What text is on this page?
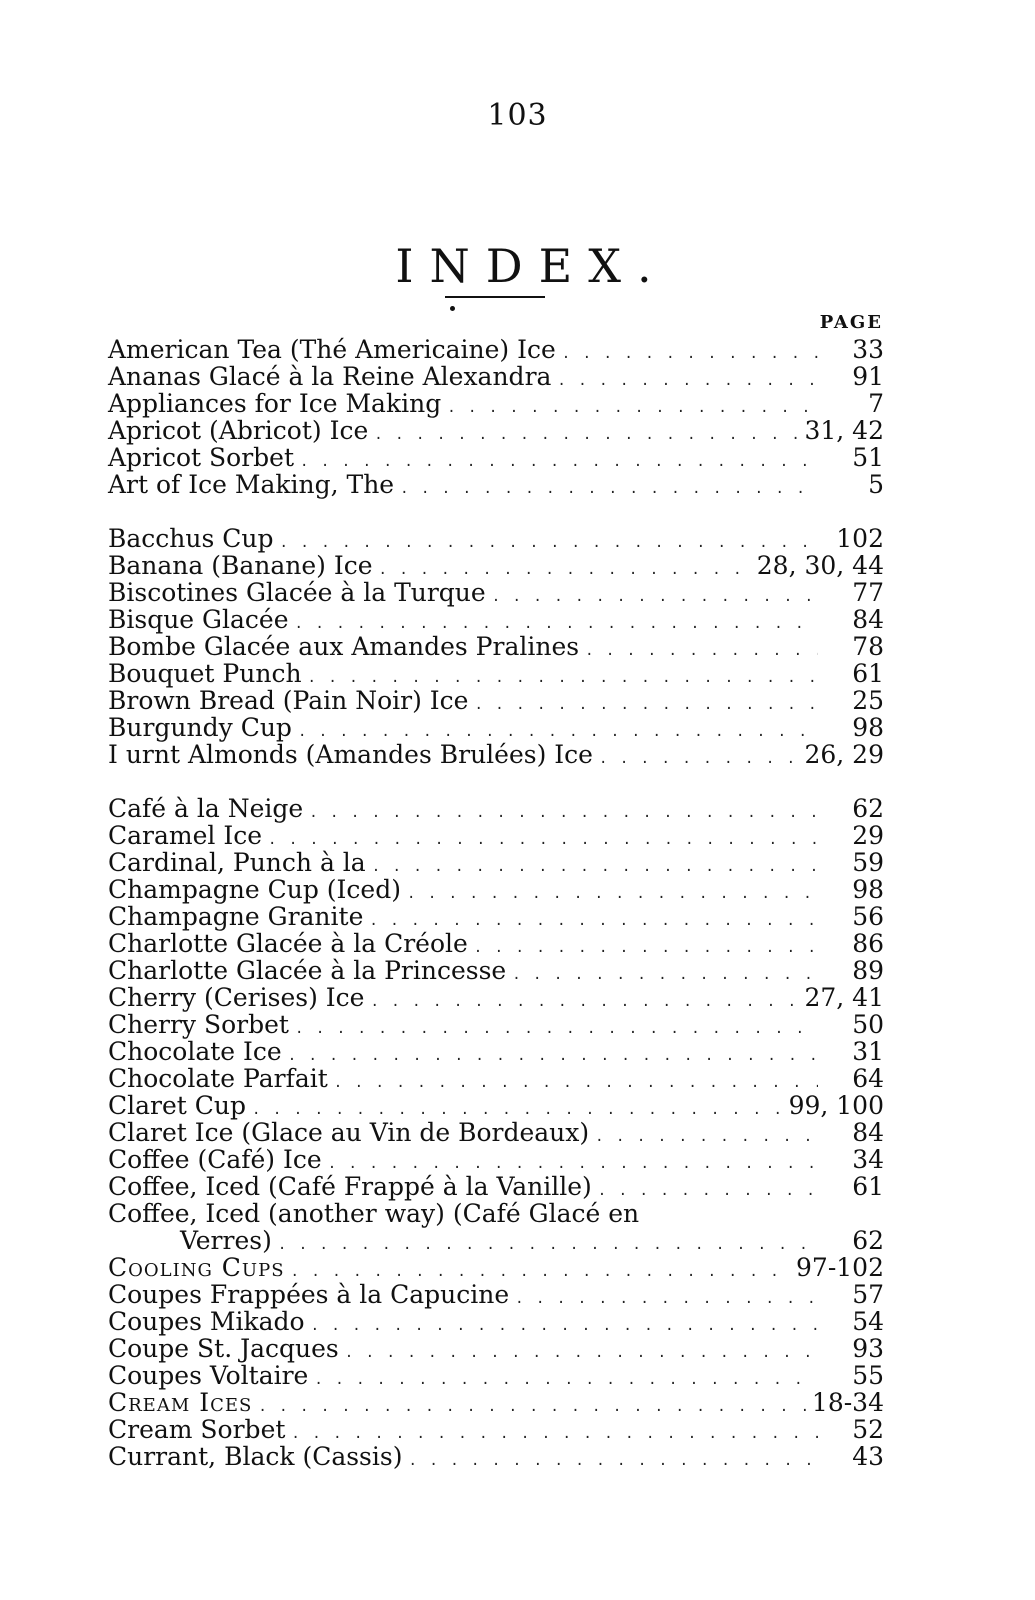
103
INDEX.
PAGE
American Tea (Thé Americaine) Ice . . .	33
Ananas Glacé à la Reine Alexandra . . .	91
Appliances for Ice Making . . .	7
Apricot (Abricot) Ice . . .	31, 42
Apricot Sorbet . . .	51
Art of Ice Making, The . . .	5
Bacchus Cup . . .	102
Banana (Banane) Ice . . .	28, 30, 44
Biscotines Glacée à la Turque . . .	77
Bisque Glacée . . .	84
Bombe Glacée aux Amandes Pralines . . .	78
Bouquet Punch . . .	61
Brown Bread (Pain Noir) Ice . . .	25
Burgundy Cup . . .	98
I urnt Almonds (Amandes Brulées) Ice . . .	26, 29
Café à la Neige . . .	62
Caramel Ice . . .	29
Cardinal, Punch à la . . .	59
Champagne Cup (Iced) . . .	98
Champagne Granite . . .	56
Charlotte Glacée à la Créole . . .	86
Charlotte Glacée à la Princesse . . .	89
Cherry (Cerises) Ice . . .	27, 41
Cherry Sorbet . . .	50
Chocolate Ice . . .	31
Chocolate Parfait . . .	64
Claret Cup . . .	99, 100
Claret Ice (Glace au Vin de Bordeaux) . . .	84
Coffee (Café) Ice . . .	34
Coffee, Iced (Café Frappé à la Vanille) . . .	61
Coffee, Iced (another way) (Café Glacé en
Verres) . . .	62
Cooling Cups . . .	97-102
Coupes Frappées à la Capucine . . .	57
Coupes Mikado . . .	54
Coupe St. Jacques . . .	93
Coupes Voltaire . . .	55
Cream Ices . . .	18-34
Cream Sorbet . . .	52
Currant, Black (Cassis) . . .	43
